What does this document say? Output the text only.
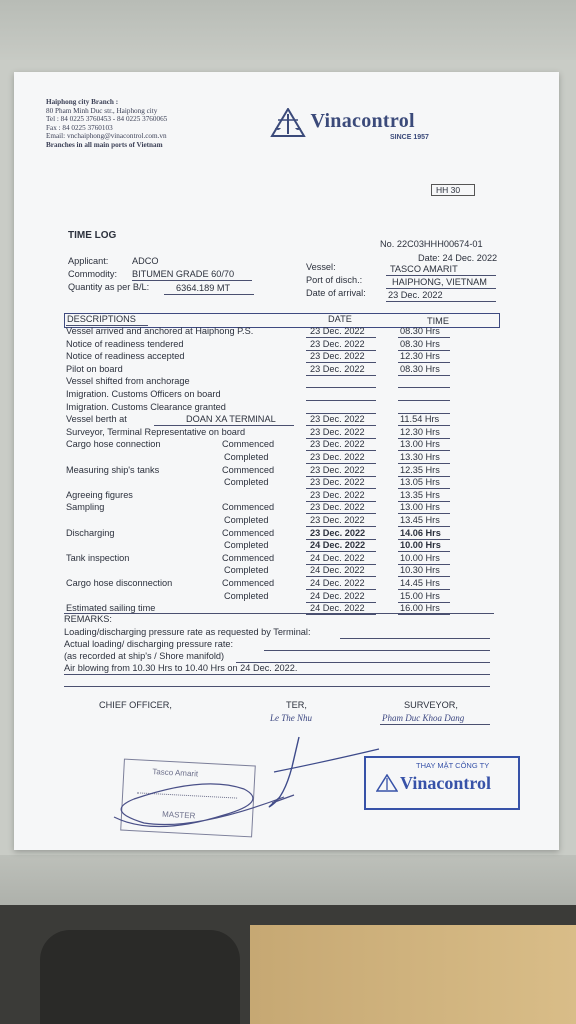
Haiphong city Branch :
80 Pham Minh Duc str., Haiphong city
Tel : 84 0225 3760453 - 84 0225 3760065
Fax : 84 0225 3760103
Email: vnchaiphong@vinacontrol.com.vn
Branches in all main ports of Vietnam
Vinacontrol
SINCE 1957
HH 30
TIME LOG
No. 22C03HHH00674-01
Date: 24 Dec. 2022
Applicant:	ADCO
Commodity: BITUMEN GRADE 60/70
Quantity as per B/L:	6364.189 MT
Vessel:	TASCO AMARIT
Port of disch.:	HAIPHONG, VIETNAM
Date of arrival: 23 Dec. 2022
DESCRIPTIONS	DATE	TIME
Vessel arrived and anchored at Haiphong P.S.	23 Dec. 2022	08.30 Hrs
Notice of readiness tendered	23 Dec. 2022	08.30 Hrs
Notice of readiness accepted	23 Dec. 2022	12.30 Hrs
Pilot on board	23 Dec. 2022	08.30 Hrs
Vessel shifted from anchorage
Imigration. Customs Officers on board
Imigration. Customs Clearance granted
Vessel berth at	DOAN XA TERMINAL	23 Dec. 2022	11.54 Hrs
Surveyor, Terminal Representative on board	23 Dec. 2022	12.30 Hrs
Cargo hose connection	Commenced	23 Dec. 2022	13.00 Hrs
Completed	23 Dec. 2022	13.30 Hrs
Measuring ship's tanks	Commenced	23 Dec. 2022	12.35 Hrs
Completed	23 Dec. 2022	13.05 Hrs
Agreeing figures	23 Dec. 2022	13.35 Hrs
Sampling	Commenced	23 Dec. 2022	13.00 Hrs
Completed	23 Dec. 2022	13.45 Hrs
Discharging	Commenced	23 Dec. 2022	14.06 Hrs
Completed	24 Dec. 2022	10.00 Hrs
Tank inspection	Commenced	24 Dec. 2022	10.00 Hrs
Completed	24 Dec. 2022	10.30 Hrs
Cargo hose disconnection	Commenced	24 Dec. 2022	14.45 Hrs
Completed	24 Dec. 2022	15.00 Hrs
Estimated sailing time	24 Dec. 2022	16.00 Hrs
REMARKS:
Loading/discharging pressure rate as requested by Terminal:
Actual loading/ discharging pressure rate:
(as recorded at ship's / Shore manifold)
Air blowing from 10.30 Hrs to 10.40 Hrs on 24 Dec. 2022.
CHIEF OFFICER,	TER,
Le The Nhu
SURVEYOR,
Pham Duc Khoa Dang
Tasco Amarit
MASTER
THAY MẶT CÔNG TY
Vinacontrol
